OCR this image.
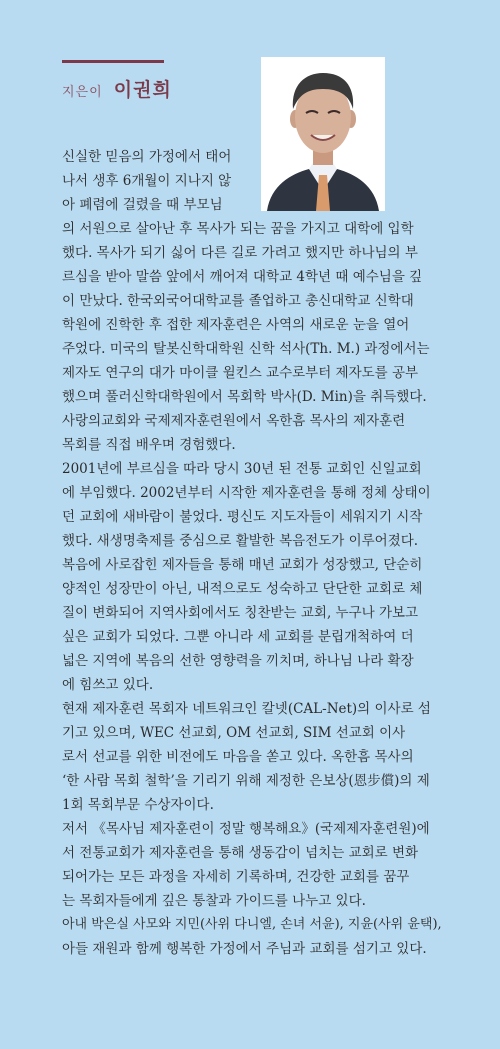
지은이 이권희

신실한 믿음의 가정에서 태어

나서 생후 6개월이 지나지 않

아 폐렴에 걸렸을 때 부모님

의 서원으로 살아난 후 목사가 되는 꿈을 가지고 대학에 입학

했다. 목사가 되기 싫어 다른 길로 가려고 했지만 하나님의 부

르심을 받아 말씀 앞에서 깨어져 대학교 4학년 때 예수님을 깊

이 만났다. 한국외국어대학교를 졸업하고 총신대학교 신학대

학원에 진학한 후 접한 제자훈련은 사역의 새로운 눈을 열어

주었다. 미국의 탈봇신학대학원 신학 석사(Th. M.) 과정에서는

제자도 연구의 대가 마이클 윌킨스 교수로부터 제자도를 공부

했으며 풀러신학대학원에서 목회학 박사(D. Min)을 취득했다.

사랑의교회와 국제제자훈련원에서 옥한흠 목사의 제자훈련

목회를 직접 배우며 경험했다.

2001년에 부르심을 따라 당시 30년 된 전통 교회인 신일교회

에 부임했다. 2002년부터 시작한 제자훈련을 통해 정체 상태이

던 교회에 새바람이 불었다. 평신도 지도자들이 세워지기 시작

했다. 새생명축제를 중심으로 활발한 복음전도가 이루어졌다.

복음에 사로잡힌 제자들을 통해 매년 교회가 성장했고, 단순히

양적인 성장만이 아닌, 내적으로도 성숙하고 단단한 교회로 체

질이 변화되어 지역사회에서도 칭찬받는 교회, 누구나 가보고

싶은 교회가 되었다. 그뿐 아니라 세 교회를 분립개척하여 더

넓은 지역에 복음의 선한 영향력을 끼치며, 하나님 나라 확장

에 힘쓰고 있다.

현재 제자훈련 목회자 네트워크인 칼넷(CAL-Net)의 이사로 섬

기고 있으며, WEC 선교회, OM 선교회, SIM 선교회 이사

로서 선교를 위한 비전에도 마음을 쏟고 있다. 옥한흠 목사의

‘한 사람 목회 철학’을 기리기 위해 제정한 은보상(恩步償)의 제

1회 목회부문 수상자이다.

저서 《목사님 제자훈련이 정말 행복해요》(국제제자훈련원)에

서 전통교회가 제자훈련을 통해 생동감이 넘치는 교회로 변화

되어가는 모든 과정을 자세히 기록하며, 건강한 교회를 꿈꾸

는 목회자들에게 깊은 통찰과 가이드를 나누고 있다.

아내 박은실 사모와 지민(사위 다니엘, 손녀 서윤), 지윤(사위 윤택),

아들 재원과 함께 행복한 가정에서 주님과 교회를 섬기고 있다.
